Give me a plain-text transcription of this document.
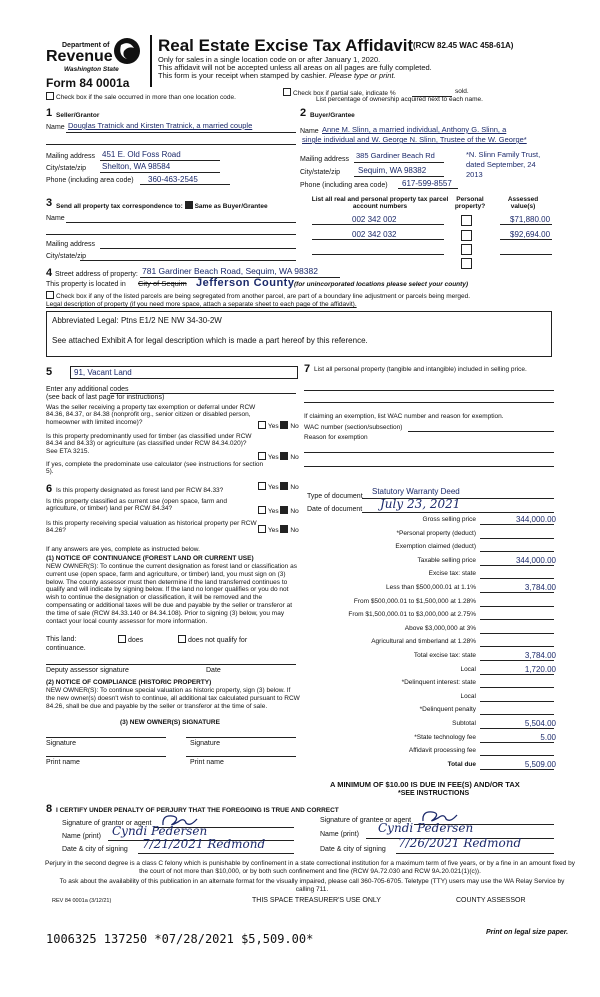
Department of
Revenue
Washington State
Form 84 0001a
Real Estate Excise Tax Affidavit (RCW 82.45 WAC 458-61A)
Only for sales in a single location code on or after January 1, 2020.
This affidavit will not be accepted unless all areas on all pages are fully completed.
This form is your receipt when stamped by cashier. Please type or print.
Check box if the sale occurred in more than one location code.
Check box if partial sale, indicate %	sold.
List percentage of ownership acquired next to each name.
1 Seller/Grantor
Name Douglas Tratnick and Kirsten Tratnick, a married couple
Mailing address 451 E. Old Foss Road
City/state/zip Shelton, WA 98584
Phone (including area code) 360-463-2545
2 Buyer/Grantee
Name Anne M. Slinn, a married individual, Anthony G. Slinn, a
single individual and W. George N. Slinn, Trustee of the W. George*
Mailing address 385 Gardiner Beach Rd	*N. Slinn Family Trust,
dated September, 24
2013
City/state/zip Sequim, WA 98382
Phone (including area code) 617-599-8557
3 Send all property tax correspondence to: Same as Buyer/Grantee
Name
Mailing address
City/state/zip
List all real and personal property tax parcel account numbers
Personal property?
Assessed value(s)
002 342 002	$71,880.00
002 342 032	$92,694.00
4 Street address of property: 781 Gardiner Beach Road, Sequim, WA 98382
This property is located in City of Sequim Jefferson County (for unincorporated locations please select your county)
Check box if any of the listed parcels are being segregated from another parcel, are part of a boundary line adjustment or parcels being merged.
Legal description of property (if you need more space, attach a separate sheet to each page of the affidavit).
Abbreviated Legal: Ptns E1/2 NE NW 34-30-2W
See attached Exhibit A for legal description which is made a part hereof by this reference.
5	91, Vacant Land
Enter any additional codes
(see back of last page for instructions)
Was the seller receiving a property tax exemption or deferral under RCW 84.36, 84.37, or 84.38 (nonprofit org., senior citizen or disabled person, homeowner with limited income)?
Yes No
Is this property predominantly used for timber (as classified under RCW 84.34 and 84.33) or agriculture (as classified under RCW 84.34.020)? See ETA 3215.
Yes No
If yes, complete the predominate use calculator (see instructions for section 5).
6 Is this property designated as forest land per RCW 84.33?	Yes No
Is this property classified as current use (open space, farm and agriculture, or timber) land per RCW 84.34?	Yes No
Is this property receiving special valuation as historical property per RCW 84.26?	Yes No
If any answers are yes, complete as instructed below.
(1) NOTICE OF CONTINUANCE (FOREST LAND OR CURRENT USE)
NEW OWNER(S): To continue the current designation as forest land or classification as current use (open space, farm and agriculture, or timber) land, you must sign on (3) below. The county assessor must then determine if the land transferred continues to qualify and will indicate by signing below. If the land no longer qualifies or you do not wish to continue the designation or classification, it will be removed and the compensating or additional taxes will be due and payable by the seller or transferor at the time of sale (RCW 84.33.140 or 84.34.108). Prior to signing (3) below, you may contact your local county assessor for more information.
This land:	does	does not qualify for
continuance.
Deputy assessor signature	Date
(2) NOTICE OF COMPLIANCE (HISTORIC PROPERTY)
NEW OWNER(S): To continue special valuation as historic property, sign (3) below. If the new owner(s) doesn't wish to continue, all additional tax calculated pursuant to RCW 84.26, shall be due and payable by the seller or transferor at the time of sale.
(3) NEW OWNER(S) SIGNATURE
Signature	Signature
Print name	Print name
7 List all personal property (tangible and intangible) included in selling price.
If claiming an exemption, list WAC number and reason for exemption.
WAC number (section/subsection)
Reason for exemption
Type of document
Statutory Warranty Deed
Date of document July 23, 2021
Gross selling price	344,000.00
*Personal property (deduct)
Exemption claimed (deduct)
Taxable selling price	344,000.00
Excise tax: state
Less than $500,000.01 at 1.1%	3,784.00
From $500,000.01 to $1,500,000 at 1.28%
From $1,500,000.01 to $3,000,000 at 2.75%
Above $3,000,000 at 3%
Agricultural and timberland at 1.28%
Total excise tax: state	3,784.00
Local	1,720.00
*Delinquent interest: state
Local
*Delinquent penalty
Subtotal	5,504.00
*State technology fee	5.00
Affidavit processing fee
Total due	5,509.00
A MINIMUM OF $10.00 IS DUE IN FEE(S) AND/OR TAX
*SEE INSTRUCTIONS
8 I CERTIFY UNDER PENALTY OF PERJURY THAT THE FOREGOING IS TRUE AND CORRECT
Signature of grantor or agent
Name (print) Cyndi Pedersen
Date & city of signing 7/21/2021 Redmond
Signature of grantee or agent
Name (print) Cyndi Pedersen
Date & city of signing 7/26/2021 Redmond
Perjury in the second degree is a class C felony which is punishable by confinement in a state correctional institution for a maximum term of five years, or by a fine in an amount fixed by the court of not more than $10,000, or by both such confinement and fine (RCW 9A.72.030 and RCW 9A.20.021(1)(c)).
To ask about the availability of this publication in an alternate format for the visually impaired, please call 360-705-6705. Teletype (TTY) users may use the WA Relay Service by calling 711.
REV 84 0001a (3/12/21)	THIS SPACE TREASURER'S USE ONLY	COUNTY ASSESSOR
1006325 137250 *07/28/2021 $5,509.00*	Print on legal size paper.
